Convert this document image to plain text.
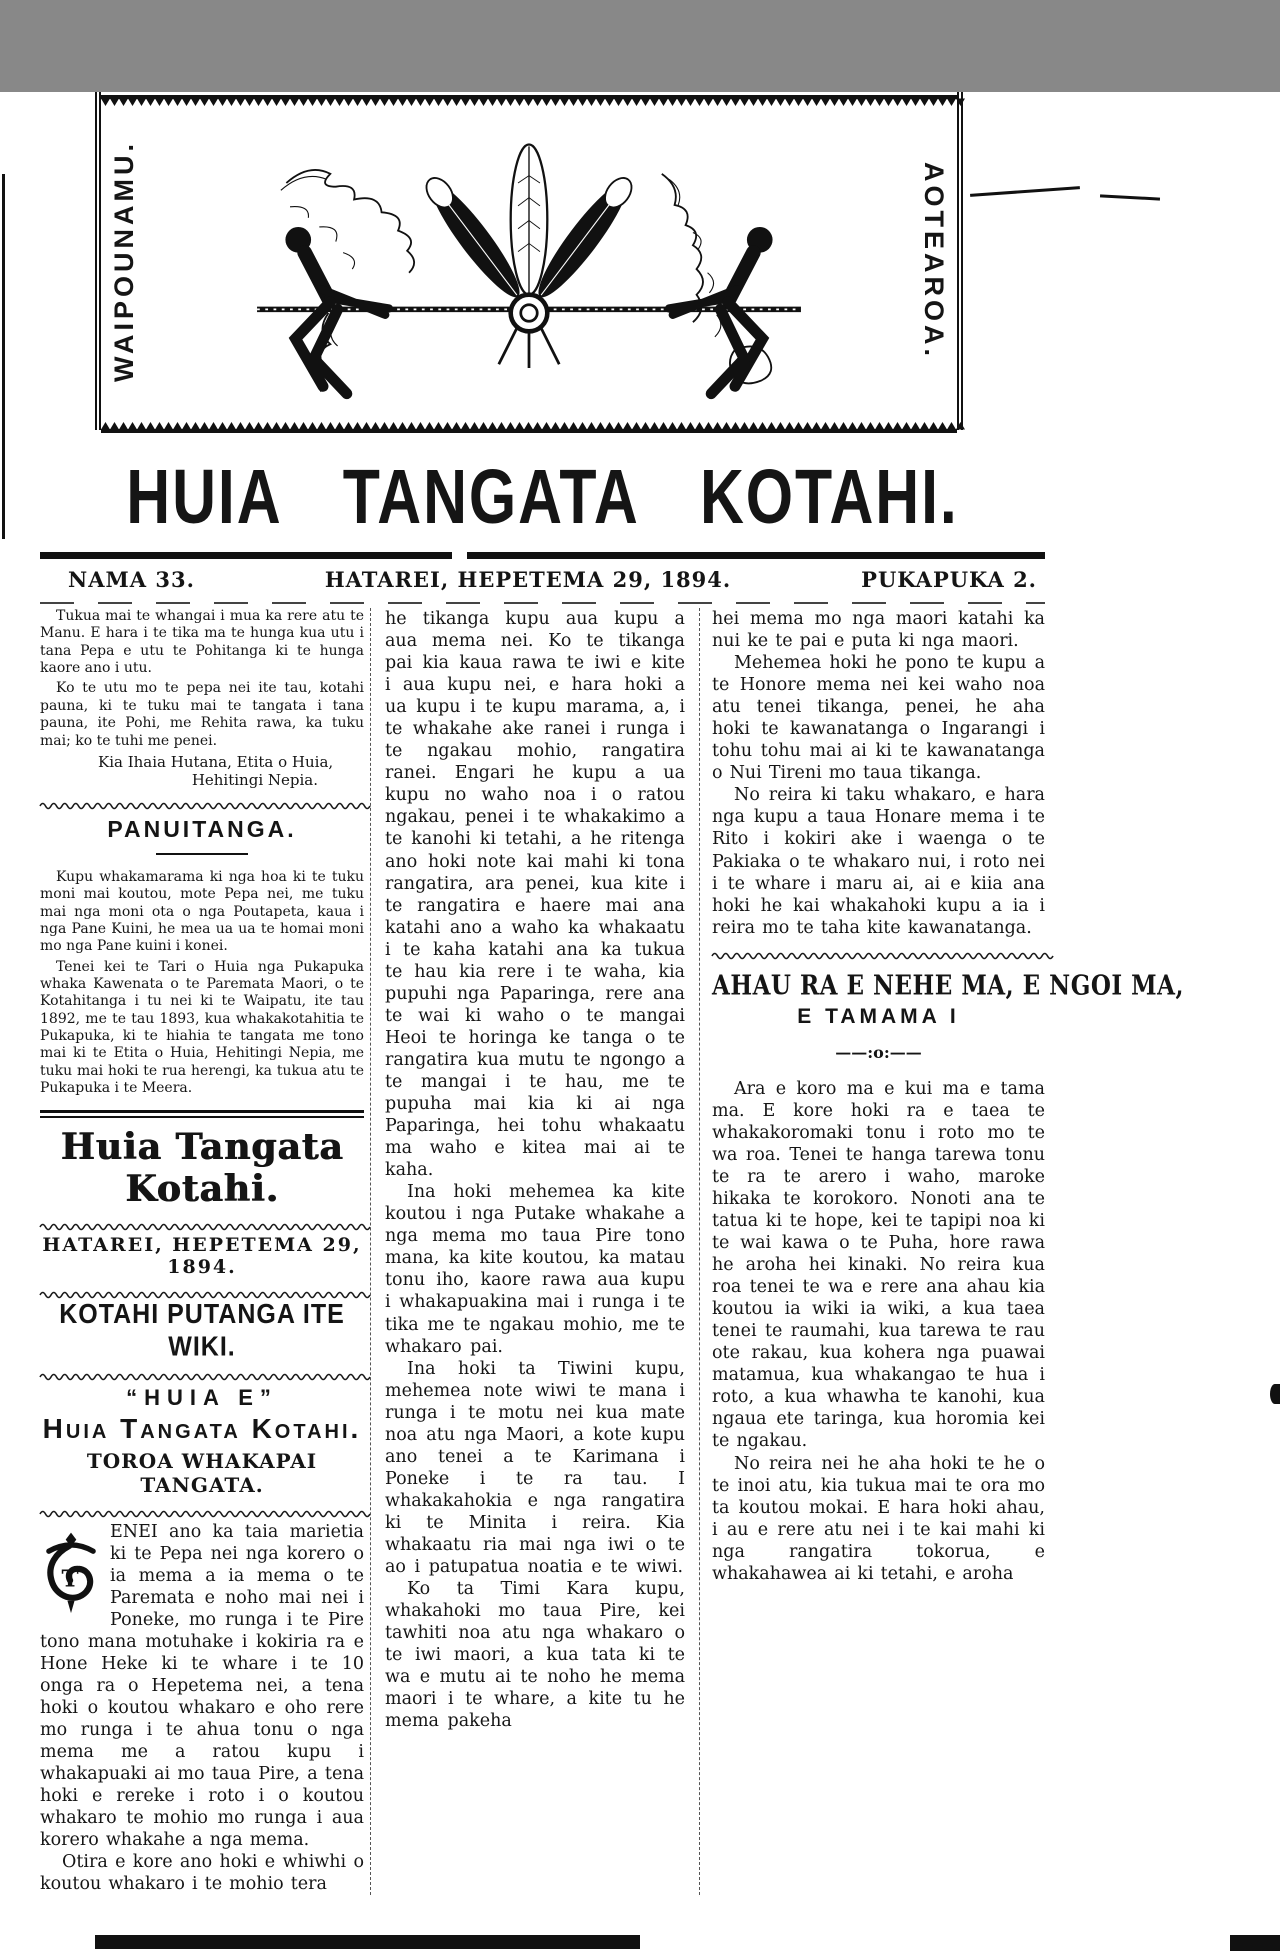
WAIPOUNAMU.	AOTEAROA.
HUIA TANGATA KOTAHI.
NAMA 33.	HATAREI, HEPETEMA 29, 1894.	PUKAPUKA 2.

Tukua mai te whangai i mua ka rere atu te Manu. E hara i te tika ma te hunga kua utu i tana Pepa e utu te Pohitanga ki te hunga kaore ano i utu.

Ko te utu mo te pepa nei ite tau, kotahi pauna, ki te tuku mai te tangata i tana pauna, ite Pohi, me Rehita rawa, ka tuku mai; ko te tuhi me penei.

Kia Ihaia Hutana, Etita o Huia,

Hehitingi Nepia.

PANUITANGA.

Kupu whakamarama ki nga hoa ki te tuku moni mai koutou, mote Pepa nei, me tuku mai nga moni ota o nga Poutapeta, kaua i nga Pane Kuini, he mea ua ua te homai moni mo nga Pane kuini i konei.

Tenei kei te Tari o Huia nga Pukapuka whaka Kawenata o te Paremata Maori, o te Kotahitanga i tu nei ki te Waipatu, ite tau 1892, me te tau 1893, kua whakakotahitia te Pukapuka, ki te hiahia te tangata me tono mai ki te Etita o Huia, Hehitingi Nepia, me tuku mai hoki te rua herengi, ka tukua atu te Pukapuka i te Meera.

Huia Tangata Kotahi.
HATAREI, HEPETEMA 29, 1894.
KOTAHI PUTANGA ITE WIKI.
“HUIA E”
Huia Tangata Kotahi.
TOROA WHAKAPAI TANGATA.

T
ENEI ano ka taia marietia ki te Pepa nei nga korero o ia mema a ia mema o te Paremata e noho mai nei i Poneke, mo runga i te Pire tono mana motuhake i kokiria ra e Hone Heke ki te whare i te 10 onga ra o Hepetema nei, a tena hoki o koutou whakaro e oho rere mo runga i te ahua tonu o nga mema me a ratou kupu i whakapuaki ai mo taua Pire, a tena hoki e rereke i roto i o koutou whakaro te mohio mo runga i aua korero whakahe a nga mema.

Otira e kore ano hoki e whiwhi o koutou whakaro i te mohio tera

he tikanga kupu aua kupu a aua mema nei. Ko te tikanga pai kia kaua rawa te iwi e kite i aua kupu nei, e hara hoki a ua kupu i te kupu marama, a, i te whakahe ake ranei i runga i te ngakau mohio, rangatira ranei. Engari he kupu a ua kupu no waho noa i o ratou ngakau, penei i te whakakimo a te kanohi ki tetahi, a he ritenga ano hoki note kai mahi ki tona rangatira, ara penei, kua kite i te rangatira e haere mai ana katahi ano a waho ka whakaatu i te kaha katahi ana ka tukua te hau kia rere i te waha, kia pupuhi nga Paparinga, rere ana te wai ki waho o te mangai Heoi te horinga ke tanga o te rangatira kua mutu te ngongo a te mangai i te hau, me te pupuha mai kia ki ai nga Paparinga, hei tohu whakaatu ma waho e kitea mai ai te kaha.

Ina hoki mehemea ka kite koutou i nga Putake whakahe a nga mema mo taua Pire tono mana, ka kite koutou, ka matau tonu iho, kaore rawa aua kupu i whakapuakina mai i runga i te tika me te ngakau mohio, me te whakaro pai.

Ina hoki ta Tiwini kupu, mehemea note wiwi te mana i runga i te motu nei kua mate noa atu nga Maori, a kote kupu ano tenei a te Karimana i Poneke i te ra tau. I whakakahokia e nga rangatira ki te Minita i reira. Kia whakaatu ria mai nga iwi o te ao i patupatua noatia e te wiwi.

Ko ta Timi Kara kupu, whakahoki mo taua Pire, kei tawhiti noa atu nga whakaro o te iwi maori, a kua tata ki te wa e mutu ai te noho he mema maori i te whare, a kite tu he mema pakeha

hei mema mo nga maori katahi ka nui ke te pai e puta ki nga maori.

Mehemea hoki he pono te kupu a te Honore mema nei kei waho noa atu tenei tikanga, penei, he aha hoki te kawanatanga o Ingarangi i tohu tohu mai ai ki te kawanatanga o Nui Tireni mo taua tikanga.

No reira ki taku whakaro, e hara nga kupu a taua Honare mema i te Rito i kokiri ake i waenga o te Pakiaka o te whakaro nui, i roto nei i te whare i maru ai, ai e kiia ana hoki he kai whakahoki kupu a ia i reira mo te taha kite kawanatanga.

AHAU RA E NEHE MA, E NGOI MA,
E TAMAMA I
——:o:——

Ara e koro ma e kui ma e tama ma. E kore hoki ra e taea te whakakoromaki tonu i roto mo te wa roa. Tenei te hanga tarewa tonu te ra te arero i waho, maroke hikaka te korokoro. Nonoti ana te tatua ki te hope, kei te tapipi noa ki te wai kawa o te Puha, hore rawa he aroha hei kinaki. No reira kua roa tenei te wa e rere ana ahau kia koutou ia wiki ia wiki, a kua taea tenei te raumahi, kua tarewa te rau ote rakau, kua kohera nga puawai matamua, kua whakangao te hua i roto, a kua whawha te kanohi, kua ngaua ete taringa, kua horomia kei te ngakau.

No reira nei he aha hoki te he o te inoi atu, kia tukua mai te ora mo ta koutou mokai. E hara hoki ahau, i au e rere atu nei i te kai mahi ki nga rangatira tokorua, e whakahawea ai ki tetahi, e aroha
